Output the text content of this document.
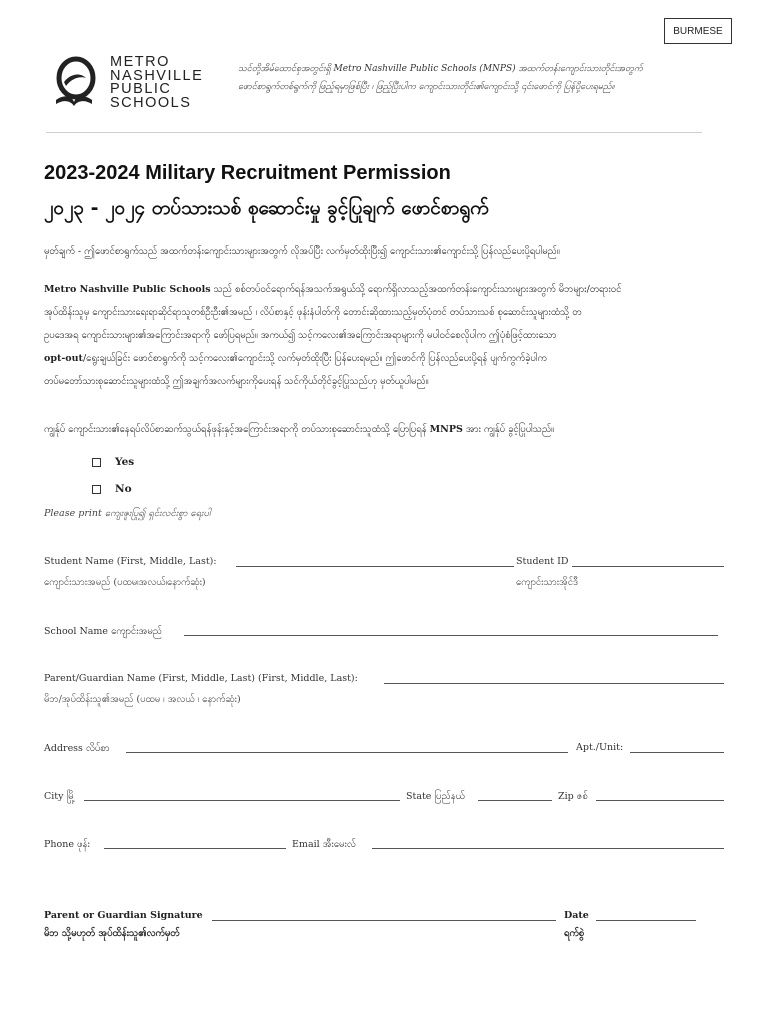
BURMESE
METRO
NASHVILLE
PUBLIC
SCHOOLS
သင်တို့အိမ်ထောင်စုအတွင်းရှိ Metro Nashville Public Schools (MNPS) အထက်တန်းကျောင်းသားတိုင်းအတွက်
ဖောင်စာရွက်တစ်ရွက်ကို ဖြည့်ရမှာဖြစ်ပြီး ၊ ဖြည့်ပြီးပါက ကျောင်းသားတိုင်း၏ကျောင်းသို့ ၎င်းဖောင်ကို ပြန်ပို့ပေးရမည်။
2023-2024 Military Recruitment Permission
၂၀၂၃ - ၂၀၂၄ တပ်သားသစ် စုဆောင်းမှု ခွင့်ပြုချက် ဖောင်စာရွက်
မှတ်ချက် - ဤဖောင်စာရွက်သည် အထက်တန်းကျောင်းသားများအတွက် လိုအပ်ပြီး လက်မှတ်ထိုးပြီး၍ ကျောင်းသား၏ကျောင်းသို့ ပြန်လည်ပေးပို့ရပါမည်။
Metro Nashville Public Schools သည် စစ်တပ်ဝင်ရောက်ရန်အသက်အရွယ်သို့ ရောက်ရှိလာသည့်အထက်တန်းကျောင်းသားများအတွက် မိဘများ/တရားဝင်
အုပ်ထိန်းသူမှ ကျောင်းသားရေးရာဆိုင်ရာသူတစ်ဦးဦး၏အမည် ၊ လိပ်စာနှင့် ဖုန်းနံပါတ်ကို တောင်းဆိုထားသည့်မှတ်ပုံတင် တပ်သားသစ် စုဆောင်းသူများထံသို့ တ
ဥပဒေအရ ကျောင်းသားများ၏အကြောင်းအရာကို ဖော်ပြရမည်။ အကယ်၍ သင့်ကလေး၏အကြောင်းအရာများကို မပါဝင်စေလိုပါက ဤပုံစံဖြင့်ထားသော
opt-out/ရွေးချယ်ခြင်း ဖောင်စာရွက်ကို သင့်ကလေး၏ကျောင်းသို့ လက်မှတ်ထိုးပြီး ပြန်ပေးရမည်။ ဤဖောင်ကို ပြန်လည်ပေးပို့ရန် ပျက်ကွက်ခဲ့ပါက
တပ်မတော်သားစုဆောင်းသူများထံသို့ ဤအချက်အလက်များကိုပေးရန် သင်ကိုယ်တိုင်ခွင့်ပြုသည်ဟု မှတ်ယူပါမည်။
ကျွန်ုပ် ကျောင်းသား၏နေရပ်လိပ်စာဆက်သွယ်ရန်ဖုန်းနှင့်အကြောင်းအရာကို တပ်သားစုဆောင်းသူထံသို့ ပြောပြရန် MNPS အား ကျွန်ုပ် ခွင့်ပြုပါသည်။
Yes
No
Please print ကျေးဇူးပြု၍ ရှင်းလင်းစွာ ရေးပါ
Student Name (First, Middle, Last):	Student ID
ကျောင်းသားအမည် (ပထမ၊အလယ်၊နောက်ဆုံး)	ကျောင်းသားအိုင်ဒီ
School Name ကျောင်းအမည်
Parent/Guardian Name (First, Middle, Last) (First, Middle, Last):
မိဘ/အုပ်ထိန်းသူ၏အမည် (ပထမ ၊ အလယ် ၊ နောက်ဆုံး)
Address လိပ်စာ	Apt./Unit:
City မြို့	State ပြည်နယ်	Zip ဇစ်
Phone ဖုန်း	Email အီးမေးလ်
Parent or Guardian Signature	Date
မိဘ သို့မဟုတ် အုပ်ထိန်းသူ၏လက်မှတ်	ရက်စွဲ
